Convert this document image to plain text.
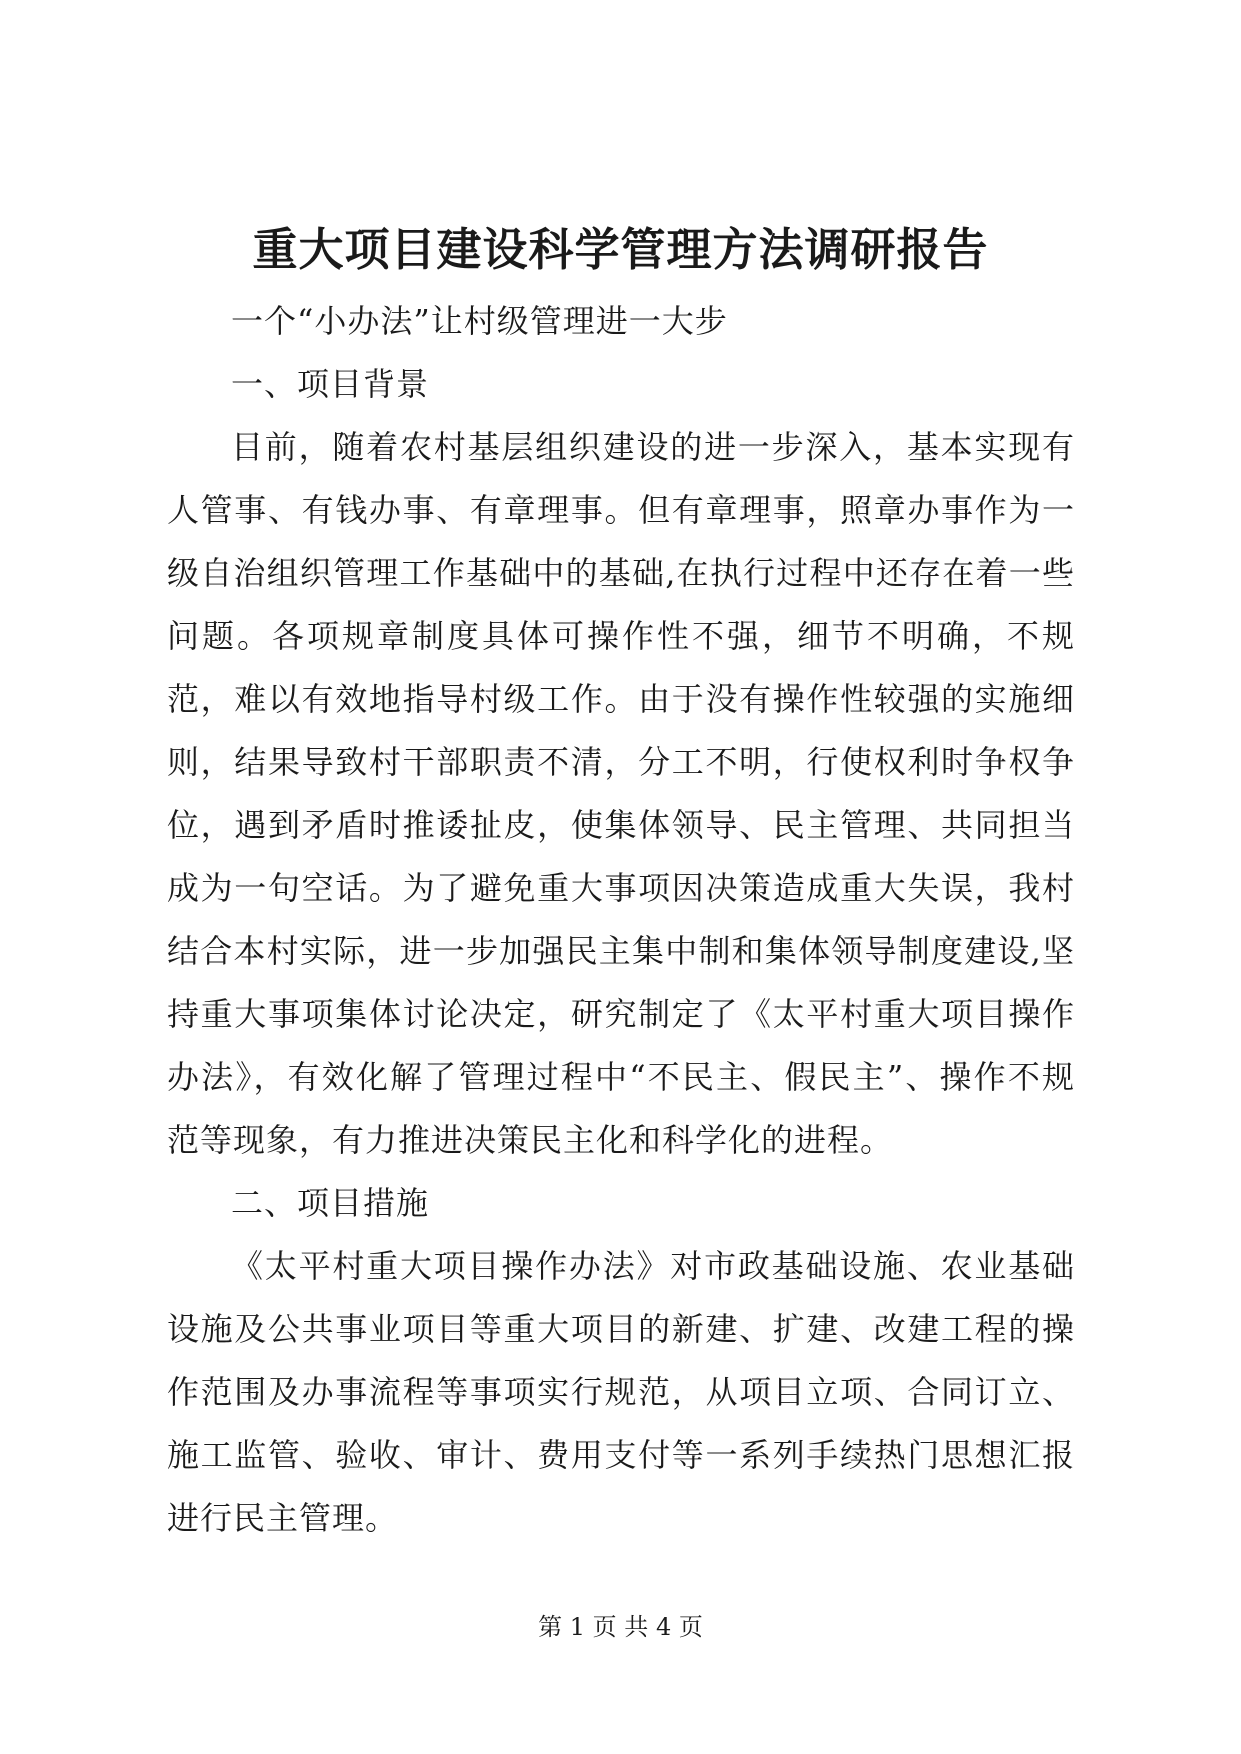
重大项目建设科学管理方法调研报告

一个“小办法”让村级管理进一大步

一、项目背景

目前，随着农村基层组织建设的进一步深入，基本实现有人管事、有钱办事、有章理事。但有章理事，照章办事作为一级自治组织管理工作基础中的基础,在执行过程中还存在着一些问题。各项规章制度具体可操作性不强，细节不明确，不规范，难以有效地指导村级工作。由于没有操作性较强的实施细则，结果导致村干部职责不清，分工不明，行使权利时争权争位，遇到矛盾时推诿扯皮，使集体领导、民主管理、共同担当成为一句空话。为了避免重大事项因决策造成重大失误，我村结合本村实际，进一步加强民主集中制和集体领导制度建设,坚持重大事项集体讨论决定，研究制定了《太平村重大项目操作办法》，有效化解了管理过程中“不民主、假民主”、操作不规范等现象，有力推进决策民主化和科学化的进程。

二、项目措施

《太平村重大项目操作办法》对市政基础设施、农业基础设施及公共事业项目等重大项目的新建、扩建、改建工程的操作范围及办事流程等事项实行规范，从项目立项、合同订立、施工监管、验收、审计、费用支付等一系列手续热门思想汇报进行民主管理。

第 1 页 共 4 页
